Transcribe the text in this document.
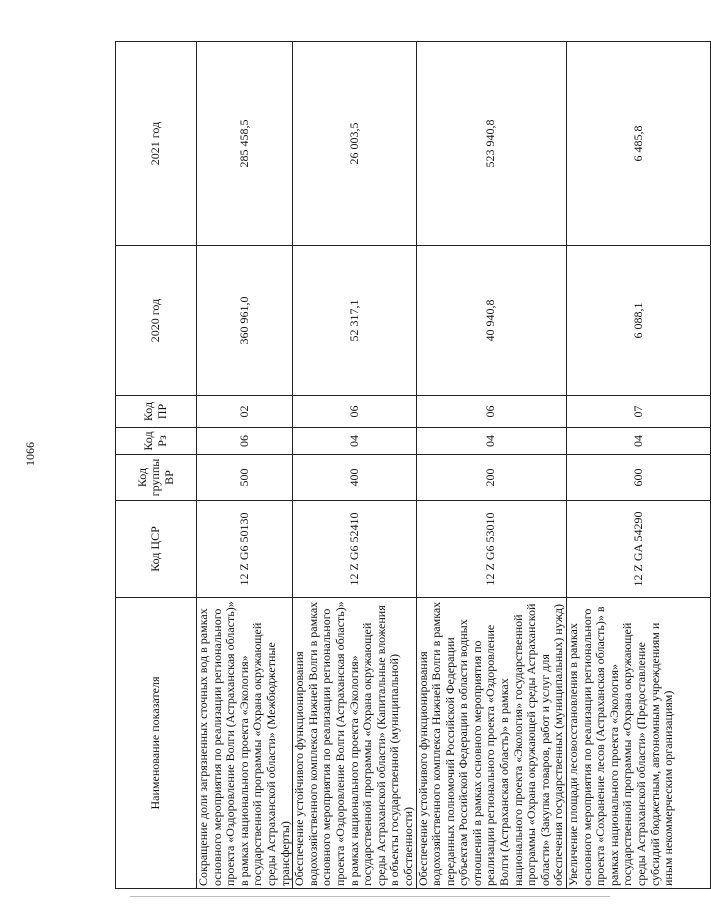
1066
Наименование показателя	Код ЦСР	Код группы ВР	Код Рз	Код ПР	2020 год	2021 год
Сокращение доли загрязненных сточных вод в рамках основного мероприятия по реализации регионального проекта «Оздоровление Волги (Астраханская область)» в рамках национального проекта «Экология» государственной программы «Охрана окружающей среды Астраханской области» (Межбюджетные трансферты)	12 Z G6 50130	500	06	02	360 961,0	285 458,5
Обеспечение устойчивого функционирования водохозяйственного комплекса Нижней Волги в рамках основного мероприятия по реализации регионального проекта «Оздоровление Волги (Астраханская область)» в рамках национального проекта «Экология» государственной программы «Охрана окружающей среды Астраханской области» (Капитальные вложения в объекты государственной (муниципальной) собственности)	12 Z G6 52410	400	04	06	52 317,1	26 003,5
Обеспечение устойчивого функционирования водохозяйственного комплекса Нижней Волги в рамках переданных полномочий Российской Федерации субъектам Российской Федерации в области водных отношений в рамках основного мероприятия по реализации регионального проекта «Оздоровление Волги (Астраханская область)» в рамках национального проекта «Экология» государственной программы «Охрана окружающей среды Астраханской области» (Закупка товаров, работ и услуг для обеспечения государственных (муниципальных) нужд)	12 Z G6 53010	200	04	06	40 940,8	523 940,8
Увеличение площади лесовосстановления в рамках основного мероприятия по реализации регионального проекта «Сохранение лесов (Астраханская область)» в рамках национального проекта «Экология» государственной программы «Охрана окружающей среды Астраханской области» (Предоставление субсидий бюджетным, автономным учреждениям и иным некоммерческим организациям)	12 Z GA 54290	600	04	07	6 088,1	6 485,8
